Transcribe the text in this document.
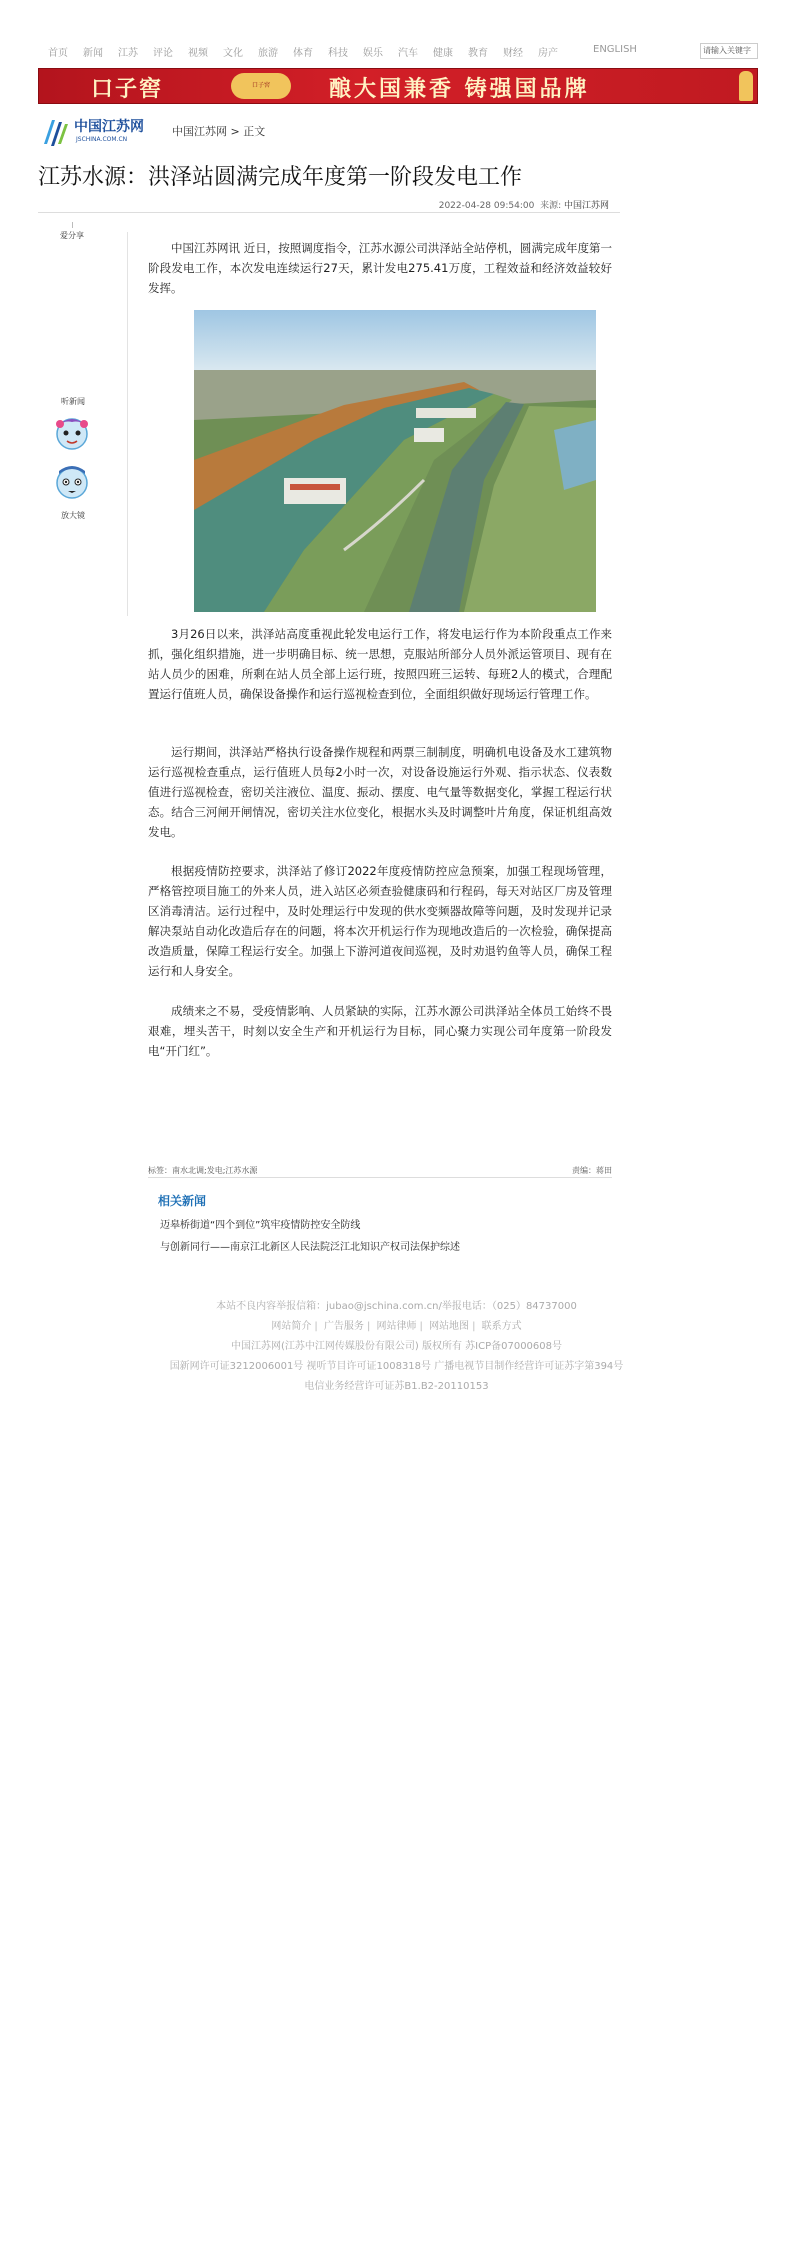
首页 新闻 江苏 评论 视频 文化 旅游 体育 科技 娱乐 汽车 健康 教育 财经 房产	ENGLISH	请输入关键字
口子窖	口子窖	酿大国兼香 铸强国品牌
中国江苏网
JSCHINA.COM.CN
中国江苏网 > 正文
江苏水源：洪泽站圆满完成年度第一阶段发电工作
2022-04-28 09:54:00 来源: 中国江苏网
爱分享
听新闻
放大镜

中国江苏网讯 近日，按照调度指令，江苏水源公司洪泽站全站停机，圆满完成年度第一阶段发电工作，本次发电连续运行27天，累计发电275.41万度，工程效益和经济效益较好发挥。

3月26日以来，洪泽站高度重视此轮发电运行工作，将发电运行作为本阶段重点工作来抓，强化组织措施，进一步明确目标、统一思想，克服站所部分人员外派运管项目、现有在站人员少的困难，所剩在站人员全部上运行班，按照四班三运转、每班2人的模式，合理配置运行值班人员，确保设备操作和运行巡视检查到位，全面组织做好现场运行管理工作。

运行期间，洪泽站严格执行设备操作规程和两票三制制度，明确机电设备及水工建筑物运行巡视检查重点，运行值班人员每2小时一次，对设备设施运行外观、指示状态、仪表数值进行巡视检查，密切关注液位、温度、振动、摆度、电气量等数据变化，掌握工程运行状态。结合三河闸开闸情况，密切关注水位变化，根据水头及时调整叶片角度，保证机组高效发电。

根据疫情防控要求，洪泽站了修订2022年度疫情防控应急预案，加强工程现场管理，严格管控项目施工的外来人员，进入站区必须查验健康码和行程码，每天对站区厂房及管理区消毒清洁。运行过程中，及时处理运行中发现的供水变频器故障等问题，及时发现并记录解决泵站自动化改造后存在的问题，将本次开机运行作为现地改造后的一次检验，确保提高改造质量，保障工程运行安全。加强上下游河道夜间巡视，及时劝退钓鱼等人员，确保工程运行和人身安全。

成绩来之不易，受疫情影响、人员紧缺的实际，江苏水源公司洪泽站全体员工始终不畏艰难，埋头苦干，时刻以安全生产和开机运行为目标，同心聚力实现公司年度第一阶段发电“开门红”。

标签：南水北调;发电;江苏水源	责编：蒋田
相关新闻
迈皋桥街道“四个到位”筑牢疫情防控安全防线
与创新同行——南京江北新区人民法院泛江北知识产权司法保护综述
本站不良内容举报信箱：jubao@jschina.com.cn/举报电话：（025）84737000
网站简介 | 广告服务 | 网站律师 | 网站地图 | 联系方式
中国江苏网(江苏中江网传媒股份有限公司) 版权所有 苏ICP备07000608号
国新网许可证3212006001号 视听节目许可证1008318号 广播电视节目制作经营许可证苏字第394号
电信业务经营许可证苏B1.B2-20110153
